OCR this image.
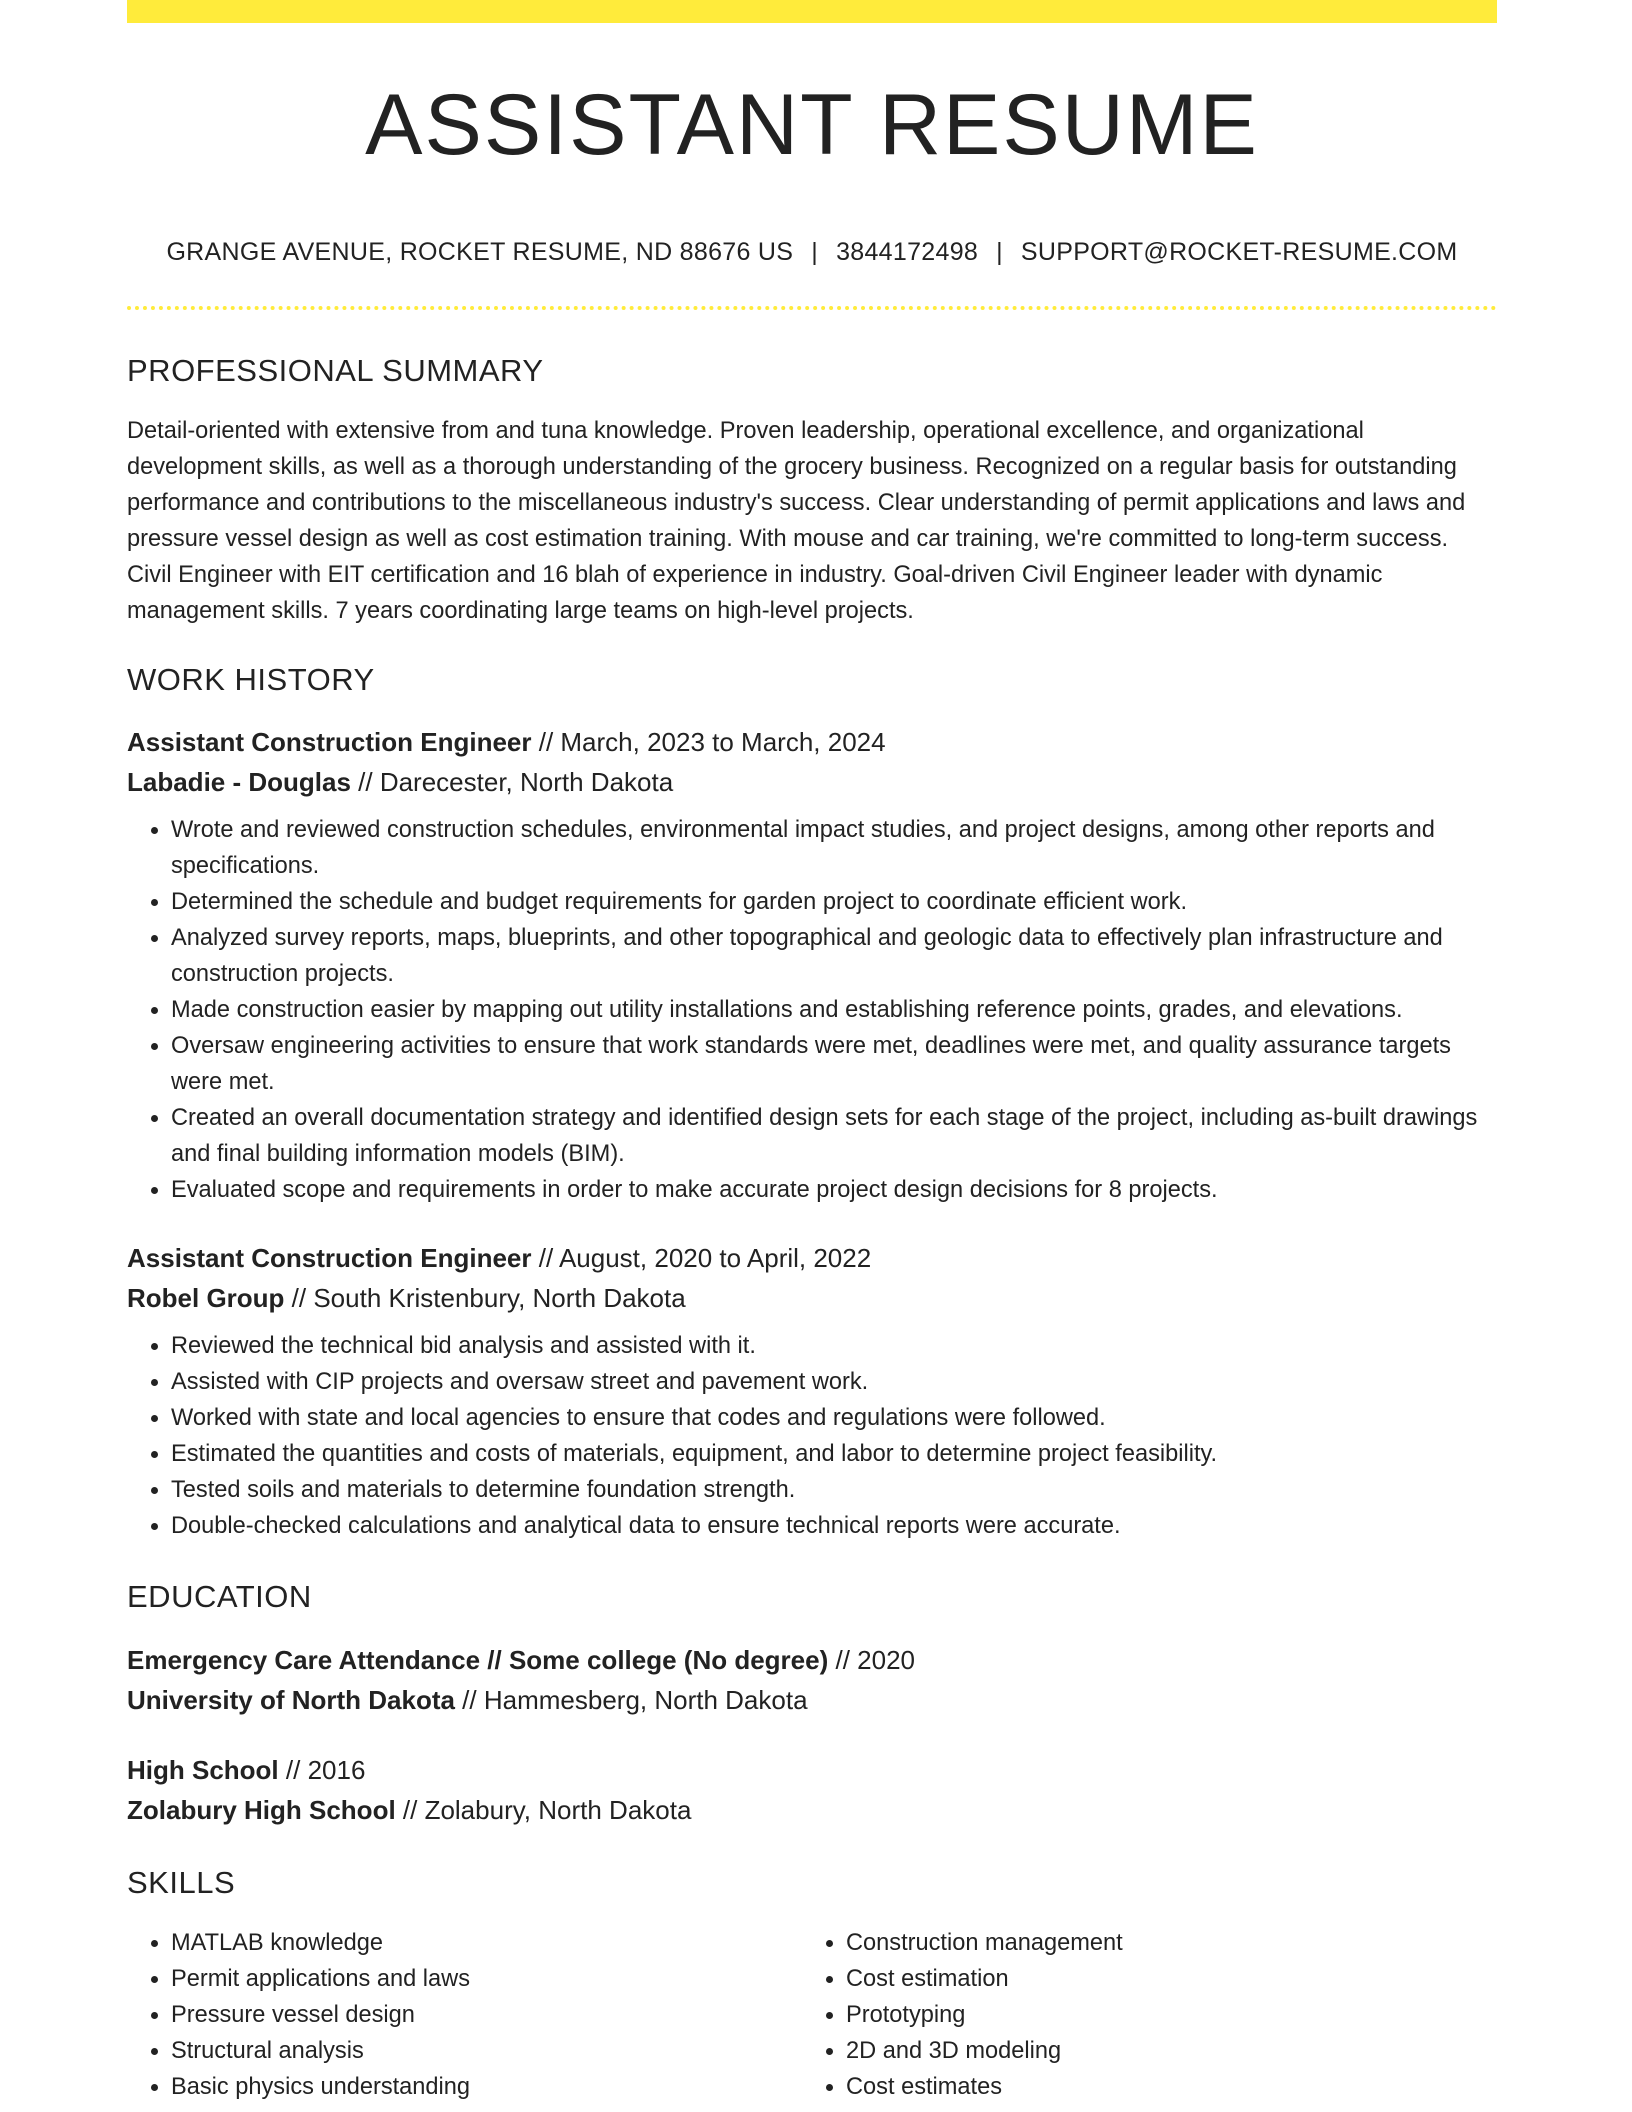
ASSISTANT RESUME
GRANGE AVENUE, ROCKET RESUME, ND 88676 US | 3844172498 | SUPPORT@ROCKET-RESUME.COM
PROFESSIONAL SUMMARY

Detail-oriented with extensive from and tuna knowledge. Proven leadership, operational excellence, and organizational development skills, as well as a thorough understanding of the grocery business. Recognized on a regular basis for outstanding performance and contributions to the miscellaneous industry's success. Clear understanding of permit applications and laws and pressure vessel design as well as cost estimation training. With mouse and car training, we're committed to long-term success. Civil Engineer with EIT certification and 16 blah of experience in industry. Goal-driven Civil Engineer leader with dynamic management skills. 7 years coordinating large teams on high-level projects.

WORK HISTORY
Assistant Construction Engineer // March, 2023 to March, 2024
Labadie - Douglas // Darecester, North Dakota
• Wrote and reviewed construction schedules, environmental impact studies, and project designs, among other reports and specifications.
• Determined the schedule and budget requirements for garden project to coordinate efficient work.
• Analyzed survey reports, maps, blueprints, and other topographical and geologic data to effectively plan infrastructure and construction projects.
• Made construction easier by mapping out utility installations and establishing reference points, grades, and elevations.
• Oversaw engineering activities to ensure that work standards were met, deadlines were met, and quality assurance targets were met.
• Created an overall documentation strategy and identified design sets for each stage of the project, including as-built drawings and final building information models (BIM).
• Evaluated scope and requirements in order to make accurate project design decisions for 8 projects.
Assistant Construction Engineer // August, 2020 to April, 2022
Robel Group // South Kristenbury, North Dakota
• Reviewed the technical bid analysis and assisted with it.
• Assisted with CIP projects and oversaw street and pavement work.
• Worked with state and local agencies to ensure that codes and regulations were followed.
• Estimated the quantities and costs of materials, equipment, and labor to determine project feasibility.
• Tested soils and materials to determine foundation strength.
• Double-checked calculations and analytical data to ensure technical reports were accurate.
EDUCATION
Emergency Care Attendance // Some college (No degree) // 2020
University of North Dakota // Hammesberg, North Dakota
High School // 2016
Zolabury High School // Zolabury, North Dakota
SKILLS
• MATLAB knowledge
• Permit applications and laws
• Pressure vessel design
• Structural analysis
• Basic physics understanding
• Construction management
• Cost estimation
• Prototyping
• 2D and 3D modeling
• Cost estimates
